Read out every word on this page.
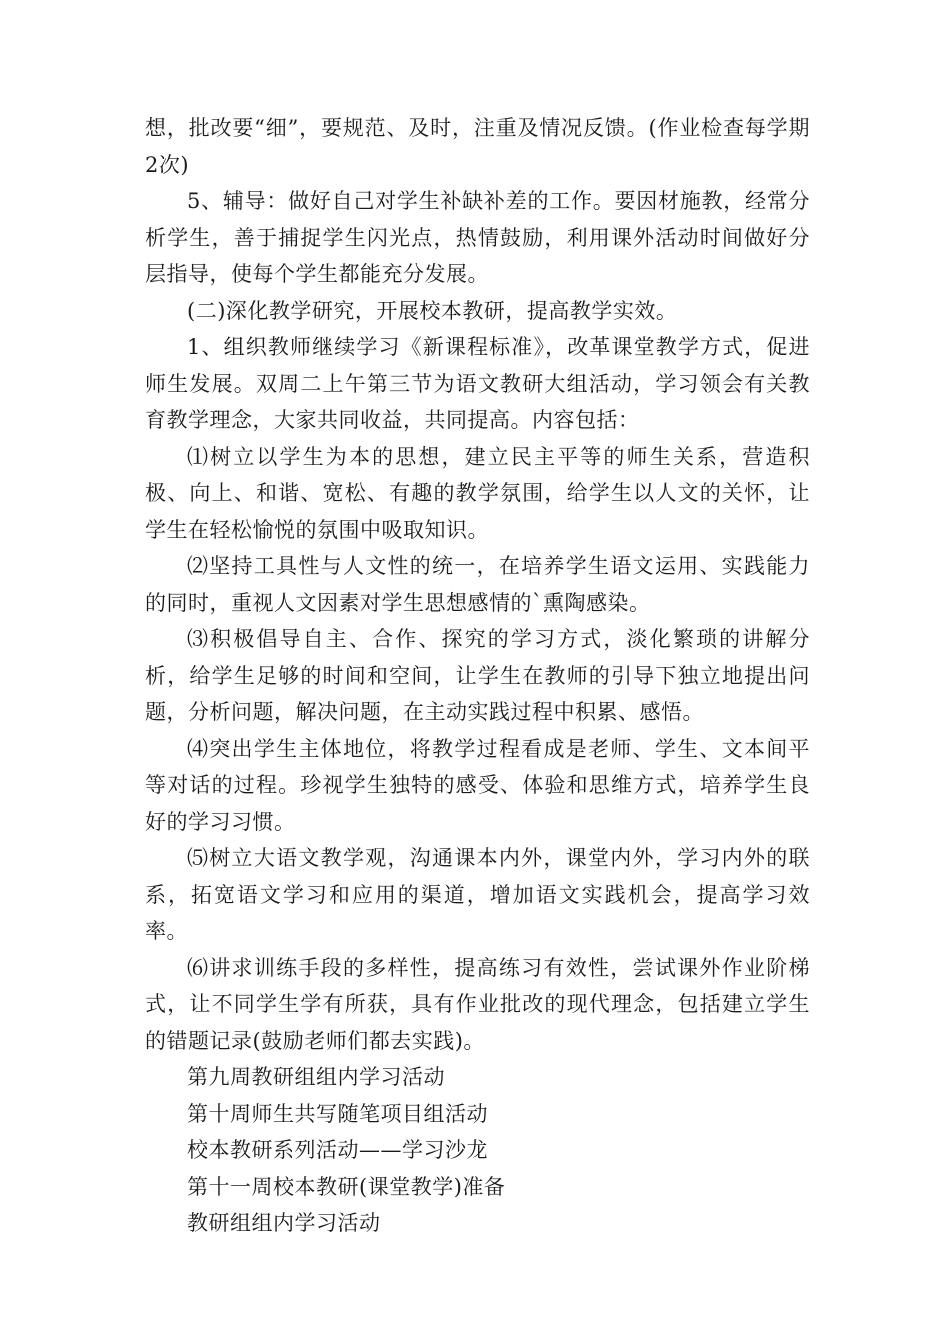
想，批改要“细”，要规范、及时，注重及情况反馈。(作业检查每学期2次)

5、辅导：做好自己对学生补缺补差的工作。要因材施教，经常分析学生，善于捕捉学生闪光点，热情鼓励，利用课外活动时间做好分层指导，使每个学生都能充分发展。

(二)深化教学研究，开展校本教研，提高教学实效。

1、组织教师继续学习《新课程标准》，改革课堂教学方式，促进师生发展。双周二上午第三节为语文教研大组活动，学习领会有关教育教学理念，大家共同收益，共同提高。内容包括：

⑴树立以学生为本的思想，建立民主平等的师生关系，营造积极、向上、和谐、宽松、有趣的教学氛围，给学生以人文的关怀，让学生在轻松愉悦的氛围中吸取知识。

⑵坚持工具性与人文性的统一，在培养学生语文运用、实践能力的同时，重视人文因素对学生思想感情的`熏陶感染。

⑶积极倡导自主、合作、探究的学习方式，淡化繁琐的讲解分析，给学生足够的时间和空间，让学生在教师的引导下独立地提出问题，分析问题，解决问题，在主动实践过程中积累、感悟。

⑷突出学生主体地位，将教学过程看成是老师、学生、文本间平等对话的过程。珍视学生独特的感受、体验和思维方式，培养学生良好的学习习惯。

⑸树立大语文教学观，沟通课本内外，课堂内外，学习内外的联系，拓宽语文学习和应用的渠道，增加语文实践机会，提高学习效率。

⑹讲求训练手段的多样性，提高练习有效性，尝试课外作业阶梯式，让不同学生学有所获，具有作业批改的现代理念，包括建立学生的错题记录(鼓励老师们都去实践)。

第九周教研组组内学习活动

第十周师生共写随笔项目组活动

校本教研系列活动——学习沙龙

第十一周校本教研(课堂教学)准备

教研组组内学习活动
